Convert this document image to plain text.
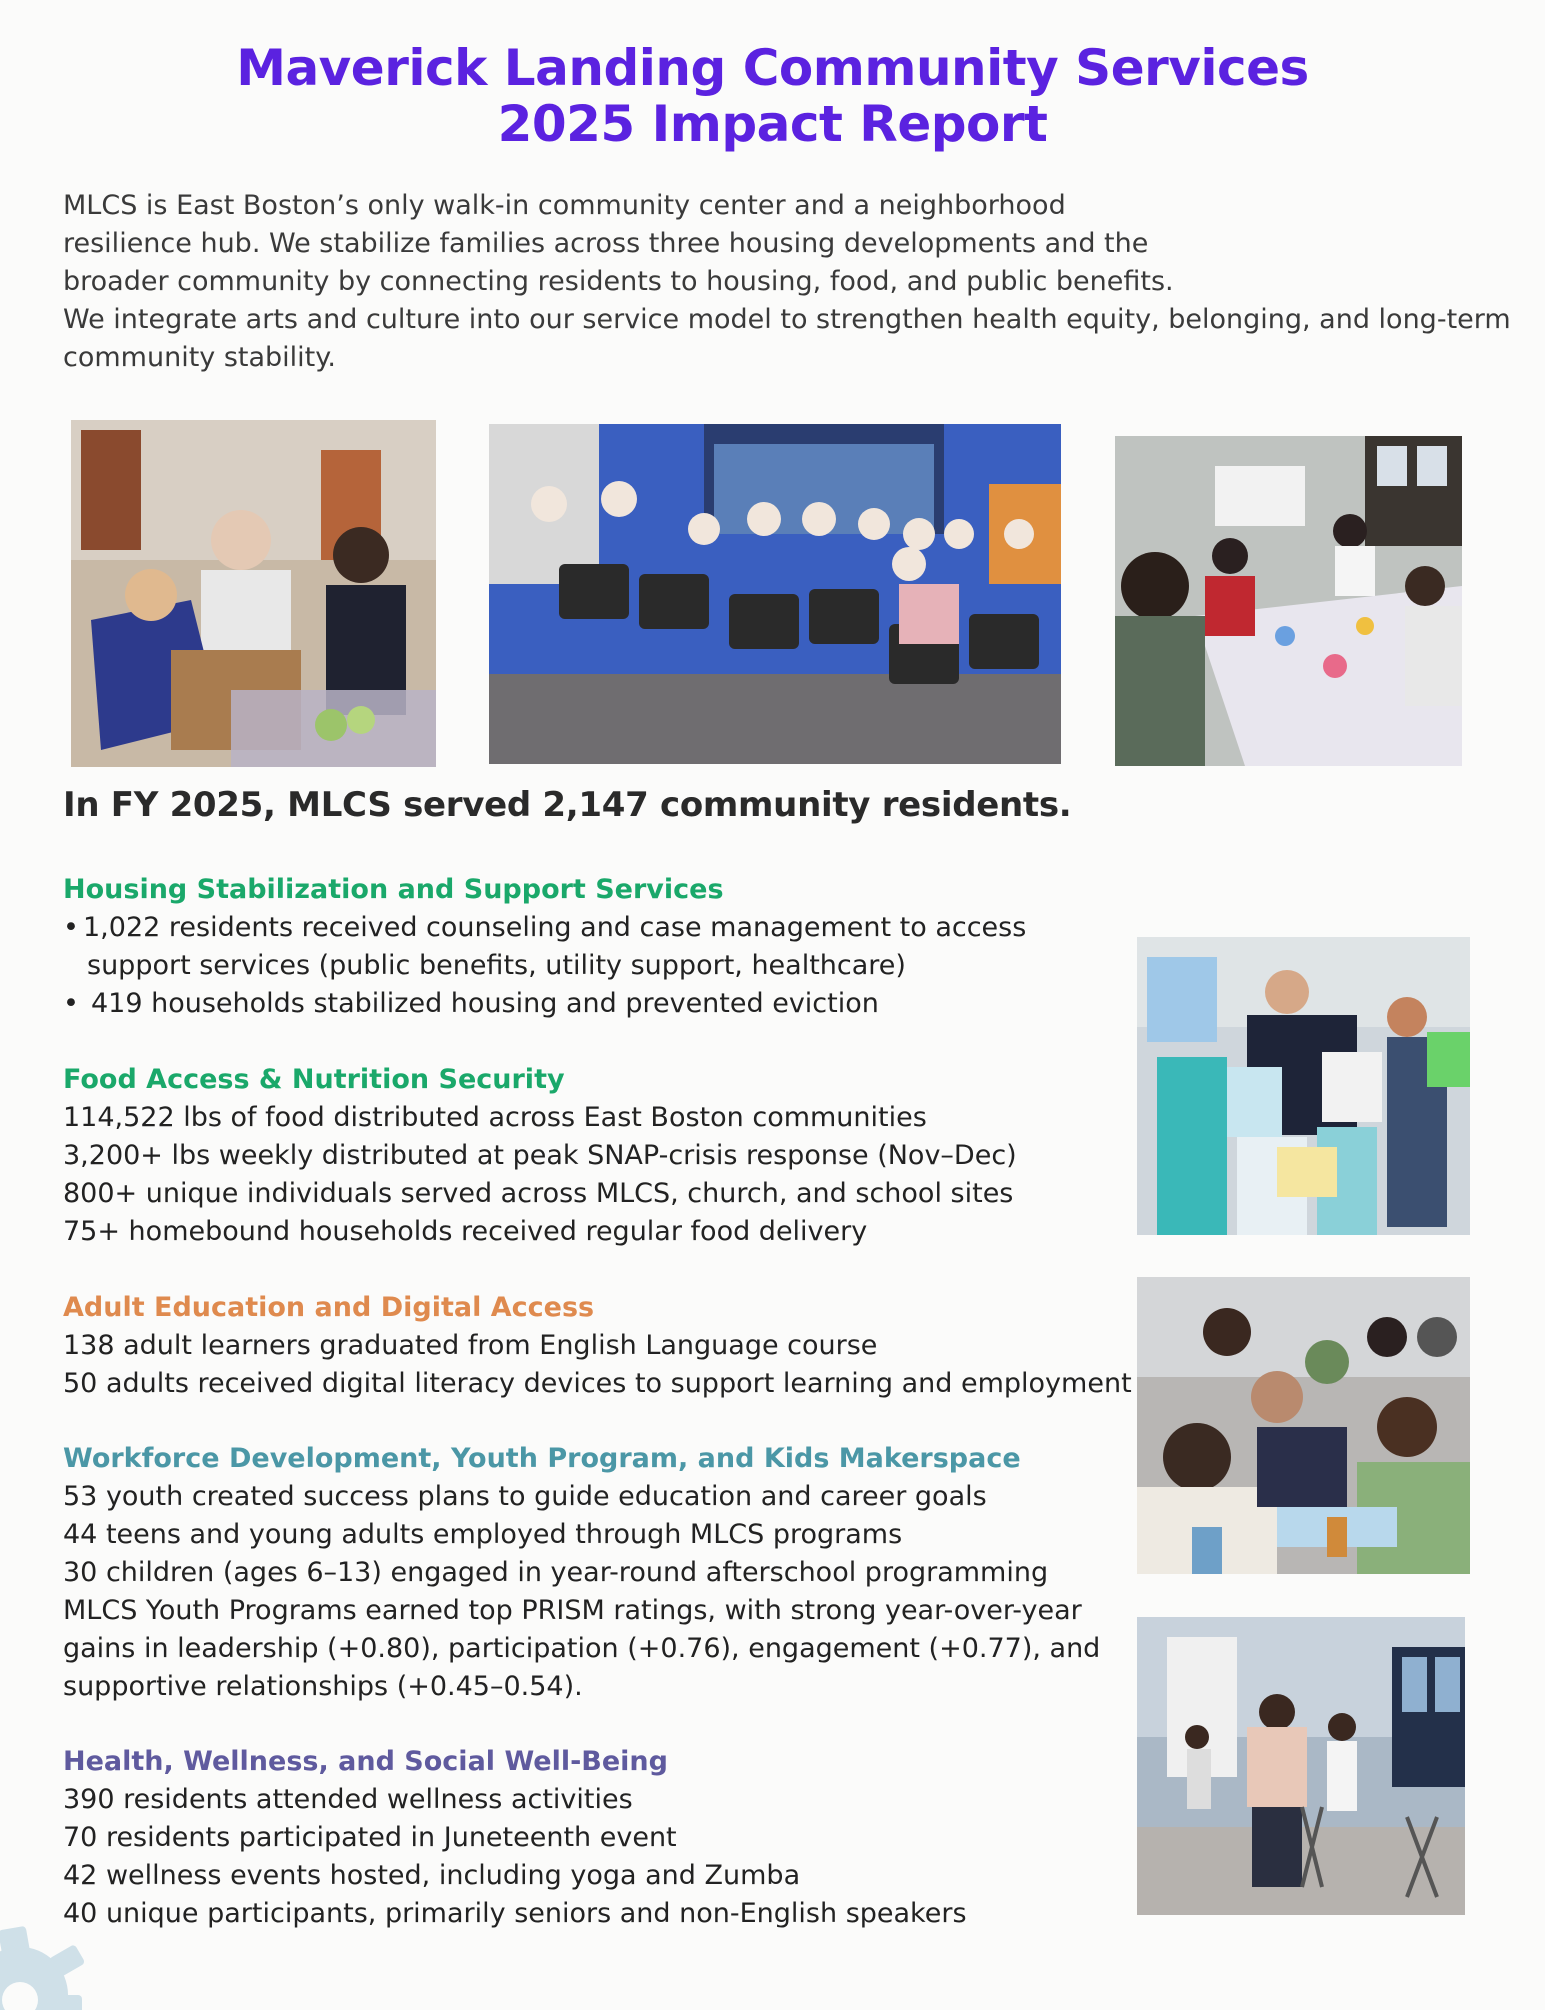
Maverick Landing Community Services
2025 Impact Report
MLCS is East Boston’s only walk-in community center and a neighborhood
resilience hub. We stabilize families across three housing developments and the
broader community by connecting residents to housing, food, and public benefits.
We integrate arts and culture into our service model to strengthen health equity, belonging, and long-term
community stability.
In FY 2025, MLCS served 2,147 community residents.
Housing Stabilization and Support Services
• 1,022 residents received counseling and case management to access
support services (public benefits, utility support, healthcare)
• 419 households stabilized housing and prevented eviction
Food Access & Nutrition Security
114,522 lbs of food distributed across East Boston communities
3,200+ lbs weekly distributed at peak SNAP-crisis response (Nov–Dec)
800+ unique individuals served across MLCS, church, and school sites
75+ homebound households received regular food delivery
Adult Education and Digital Access
138 adult learners graduated from English Language course
50 adults received digital literacy devices to support learning and employment
Workforce Development, Youth Program, and Kids Makerspace
53 youth created success plans to guide education and career goals
44 teens and young adults employed through MLCS programs
30 children (ages 6–13) engaged in year-round afterschool programming
MLCS Youth Programs earned top PRISM ratings, with strong year-over-year
gains in leadership (+0.80), participation (+0.76), engagement (+0.77), and
supportive relationships (+0.45–0.54).
Health, Wellness, and Social Well-Being
390 residents attended wellness activities
70 residents participated in Juneteenth event
42 wellness events hosted, including yoga and Zumba
40 unique participants, primarily seniors and non-English speakers
